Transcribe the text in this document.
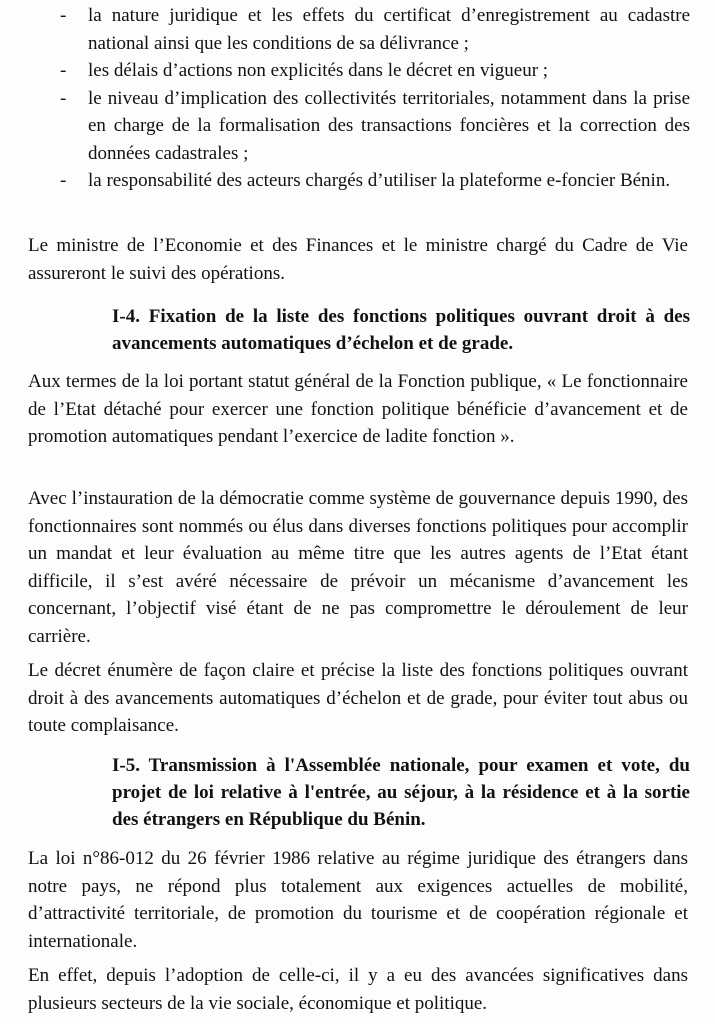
- la nature juridique et les effets du certificat d’enregistrement au cadastre national ainsi que les conditions de sa délivrance ;
- les délais d’actions non explicités dans le décret en vigueur ;
- le niveau d’implication des collectivités territoriales, notamment dans la prise en charge de la formalisation des transactions foncières et la correction des données cadastrales ;
- la responsabilité des acteurs chargés d’utiliser la plateforme e-foncier Bénin.

Le ministre de l’Economie et des Finances et le ministre chargé du Cadre de Vie assureront le suivi des opérations.

I-4. Fixation de la liste des fonctions politiques ouvrant droit à des avancements automatiques d’échelon et de grade.

Aux termes de la loi portant statut général de la Fonction publique, « Le fonctionnaire de l’Etat détaché pour exercer une fonction politique bénéficie d’avancement et de promotion automatiques pendant l’exercice de ladite fonction ».

Avec l’instauration de la démocratie comme système de gouvernance depuis 1990, des fonctionnaires sont nommés ou élus dans diverses fonctions politiques pour accomplir un mandat et leur évaluation au même titre que les autres agents de l’Etat étant difficile, il s’est avéré nécessaire de prévoir un mécanisme d’avancement les concernant, l’objectif visé étant de ne pas compromettre le déroulement de leur carrière.

Le décret énumère de façon claire et précise la liste des fonctions politiques ouvrant droit à des avancements automatiques d’échelon et de grade, pour éviter tout abus ou toute complaisance.

I-5. Transmission à l'Assemblée nationale, pour examen et vote, du projet de loi relative à l'entrée, au séjour, à la résidence et à la sortie des étrangers en République du Bénin.

La loi n°86-012 du 26 février 1986 relative au régime juridique des étrangers dans notre pays, ne répond plus totalement aux exigences actuelles de mobilité, d’attractivité territoriale, de promotion du tourisme et de coopération régionale et internationale.

En effet, depuis l’adoption de celle-ci, il y a eu des avancées significatives dans plusieurs secteurs de la vie sociale, économique et politique.
